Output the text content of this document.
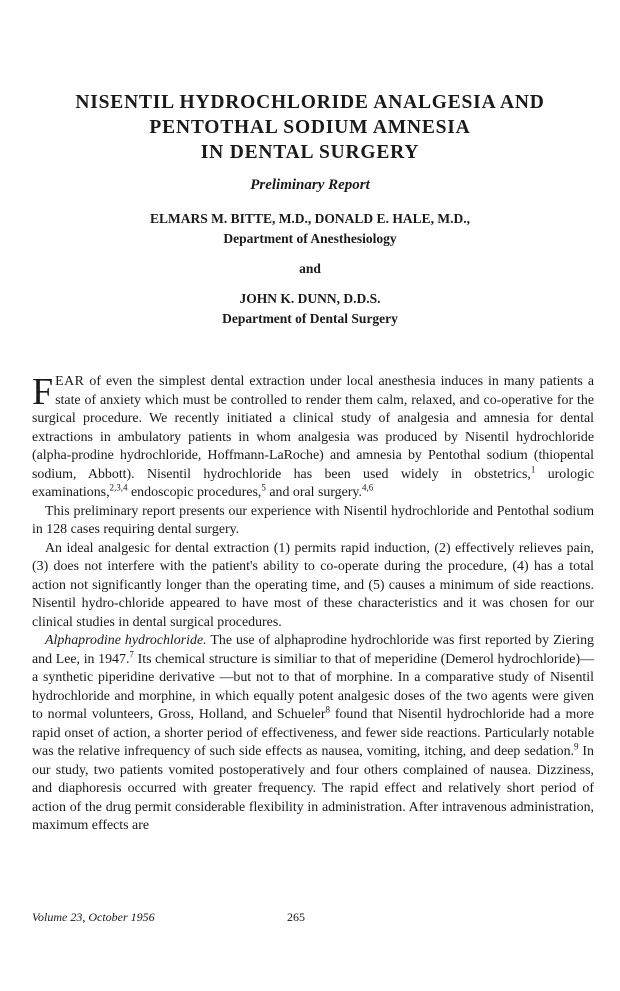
NISENTIL HYDROCHLORIDE ANALGESIA AND
PENTOTHAL SODIUM AMNESIA
IN DENTAL SURGERY
Preliminary Report
ELMARS M. BITTE, M.D., DONALD E. HALE, M.D.,
Department of Anesthesiology
and
JOHN K. DUNN, D.D.S.
Department of Dental Surgery

FEAR of even the simplest dental extraction under local anesthesia induces in many patients a state of anxiety which must be controlled to render them calm, relaxed, and co-operative for the surgical procedure. We recently initiated a clinical study of analgesia and amnesia for dental extractions in ambulatory patients in whom analgesia was produced by Nisentil hydrochloride (alpha-prodine hydrochloride, Hoffmann-LaRoche) and amnesia by Pentothal sodium (thiopental sodium, Abbott). Nisentil hydrochloride has been used widely in obstetrics,$^1$ urologic examinations,$^{2,3,4}$ endoscopic procedures,$^5$ and oral surgery.$^{4,6}$

This preliminary report presents our experience with Nisentil hydrochloride and Pentothal sodium in 128 cases requiring dental surgery.

An ideal analgesic for dental extraction (1) permits rapid induction, (2) effectively relieves pain, (3) does not interfere with the patient's ability to co-operate during the procedure, (4) has a total action not significantly longer than the operating time, and (5) causes a minimum of side reactions. Nisentil hydro-chloride appeared to have most of these characteristics and it was chosen for our clinical studies in dental surgical procedures.

Alphaprodine hydrochloride. The use of alphaprodine hydrochloride was first reported by Ziering and Lee, in 1947.$^7$ Its chemical structure is similiar to that of meperidine (Demerol hydrochloride)—a synthetic piperidine derivative —but not to that of morphine. In a comparative study of Nisentil hydrochloride and morphine, in which equally potent analgesic doses of the two agents were given to normal volunteers, Gross, Holland, and Schueler$^8$ found that Nisentil hydrochloride had a more rapid onset of action, a shorter period of effectiveness, and fewer side reactions. Particularly notable was the relative infrequency of such side effects as nausea, vomiting, itching, and deep sedation.$^9$ In our study, two patients vomited postoperatively and four others complained of nausea. Dizziness, and diaphoresis occurred with greater frequency. The rapid effect and relatively short period of action of the drug permit considerable flexibility in administration. After intravenous administration, maximum effects are

Volume 23, October 1956	265
